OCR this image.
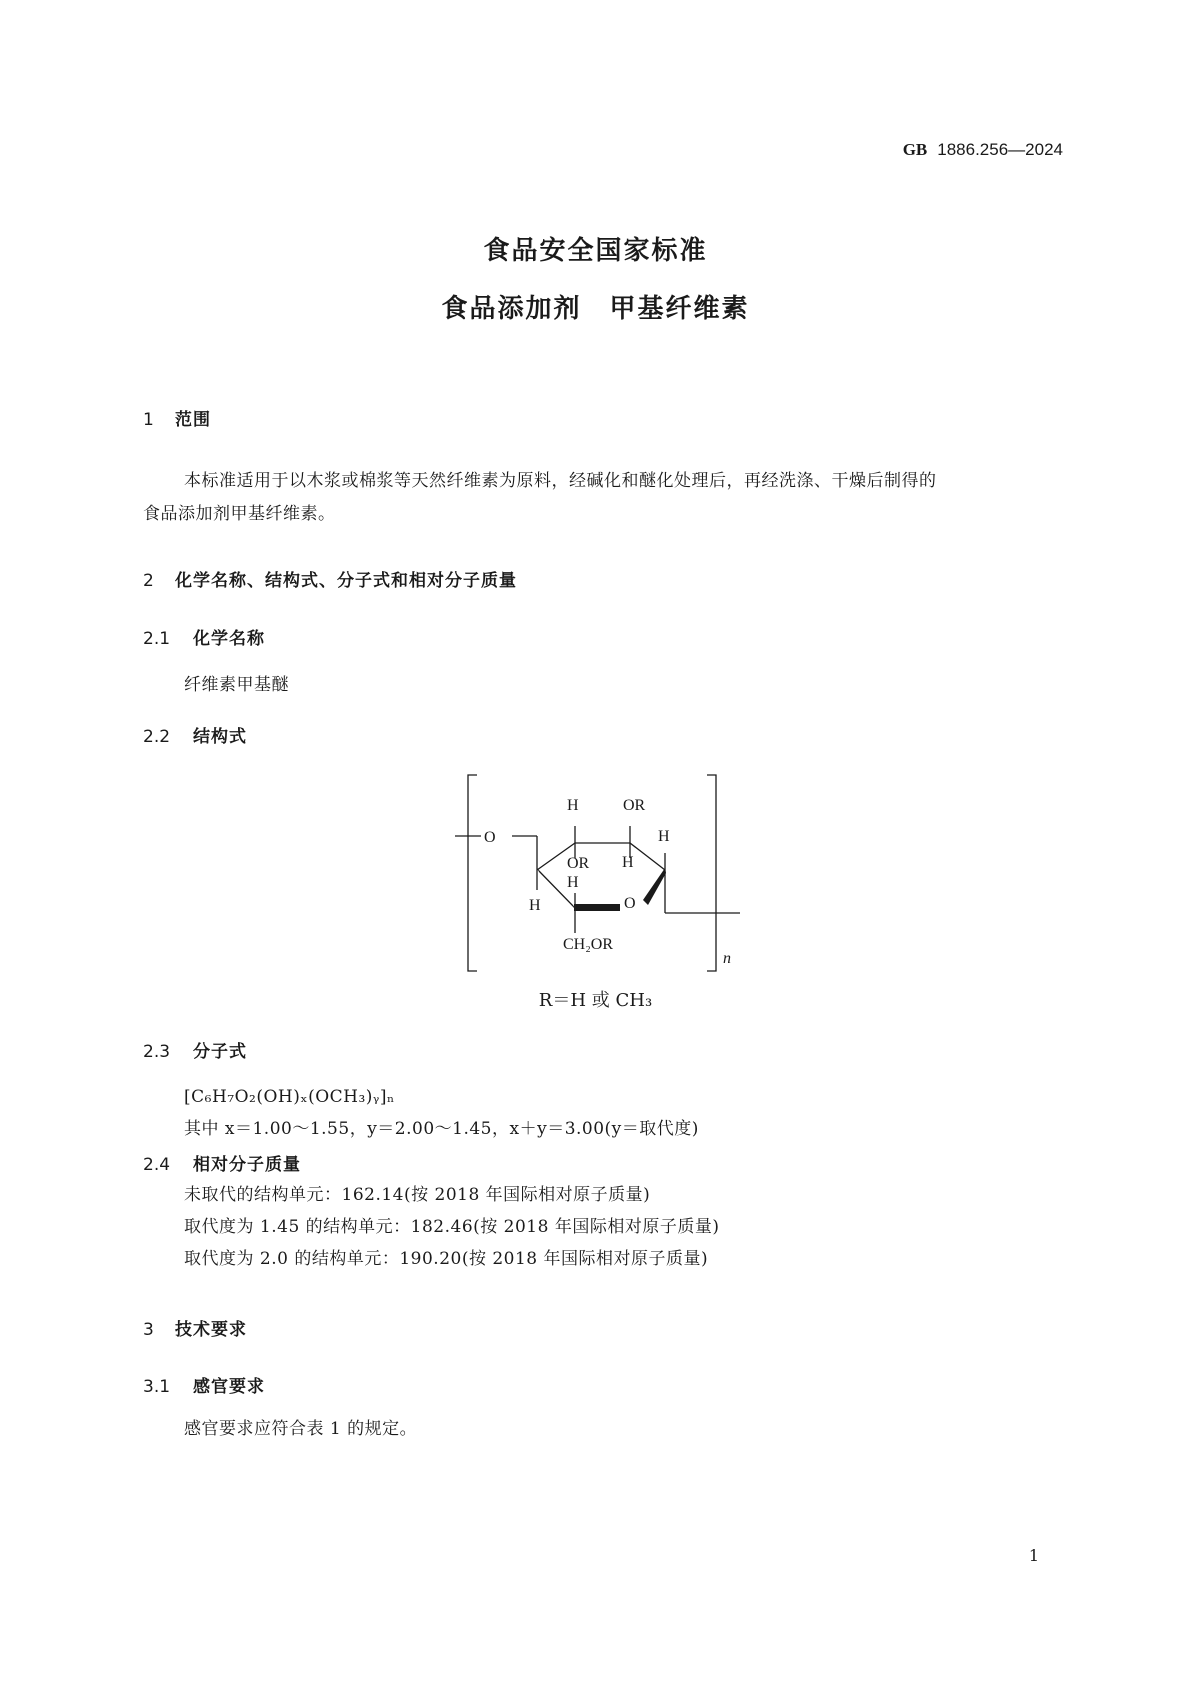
GB 1886.256—2024
食品安全国家标准
食品添加剂　甲基纤维素
1 范围
本标准适用于以木浆或棉浆等天然纤维素为原料，经碱化和醚化处理后，再经洗涤、干燥后制得的
食品添加剂甲基纤维素。
2 化学名称、结构式、分子式和相对分子质量
2.1 化学名称
纤维素甲基醚
2.2 结构式
H	OR
O	H
OR H
H
H	O
CH₂OR
n
R＝H 或 CH₃
2.3 分子式
[C₆H₇O₂(OH)ₓ(OCH₃)ᵧ]ₙ
其中 x＝1.00～1.55，y＝2.00～1.45，x＋y＝3.00(y＝取代度)
2.4 相对分子质量
未取代的结构单元：162.14(按 2018 年国际相对原子质量)
取代度为 1.45 的结构单元：182.46(按 2018 年国际相对原子质量)
取代度为 2.0 的结构单元：190.20(按 2018 年国际相对原子质量)
3 技术要求
3.1 感官要求
感官要求应符合表 1 的规定。
1
